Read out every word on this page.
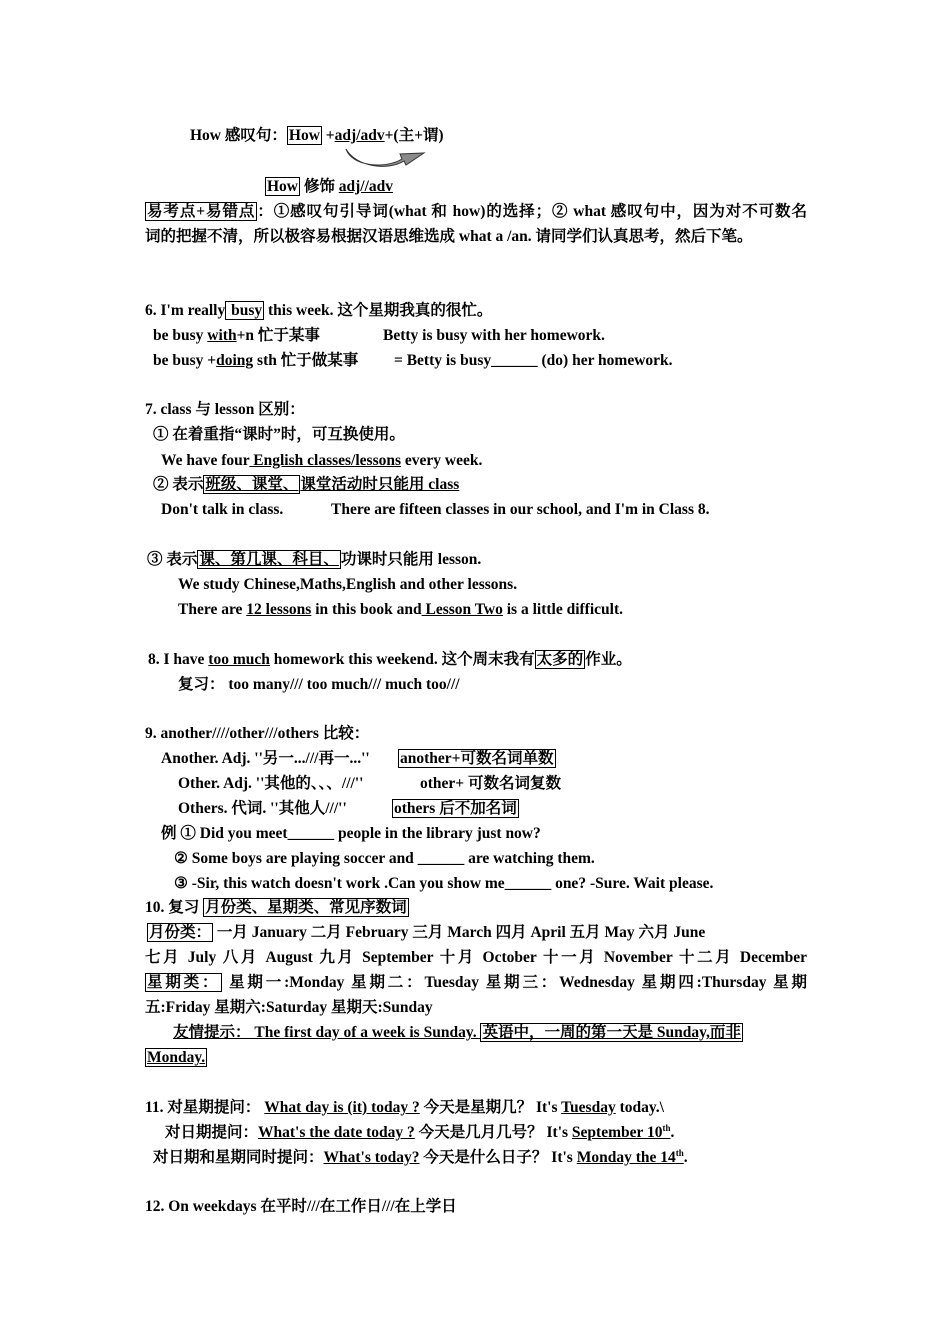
How 感叹句： How +adj/adv+(主+谓)
How 修饰 adj//adv
易考点+易错点 ：①感叹句引导词(what 和 how)的选择；② what 感叹句中，因为对不可数名
词的把握不清，所以极容易根据汉语思维选成 what a /an. 请同学们认真思考，然后下笔。
6. I'm really busy this week. 这个星期我真的很忙。
be busy with+n 忙于某事	Betty is busy with her homework.
be busy +doing sth 忙于做某事 = Betty is busy______ (do) her homework.
7. class 与 lesson 区别：
① 在着重指“课时”时，可互换使用。
We have four English classes/lessons every week.
② 表示 班级、课堂、 课堂活动时只能用 class
Don't talk in class.	There are fifteen classes in our school, and I'm in Class 8.
③ 表示 课、第几课、科目、 功课时只能用 lesson.
We study Chinese,Maths,English and other lessons.
There are 12 lessons in this book and Lesson Two is a little difficult.
8. I have too much homework this weekend. 这个周末我有 太多的 作业。
复习： too many/// too much/// much too///
9. another////other///others 比较：
Another. Adj. ''另一...///再一...'' another+可数名词单数
Other. Adj. ''其他的、、、///''	other+ 可数名词复数
Others. 代词. ''其他人///''	others 后不加名词
例 ① Did you meet______ people in the library just now?
② Some boys are playing soccer and ______ are watching them.
③ -Sir, this watch doesn't work .Can you show me______ one? -Sure. Wait please.
10. 复习 月份类、星期类、常见序数词
月份类： 一月 January 二月 February 三月 March 四月 April 五月 May 六月 June
七月 July 八月 August 九月 September 十月 October 十一月 November 十二月 December
星期类： 星期一:Monday 星期二：Tuesday 星期三：Wednesday 星期四:Thursday 星期
五:Friday 星期六:Saturday 星期天:Sunday
友情提示： The first day of a week is Sunday. 英语中，一周的第一天是 Sunday,而非
Monday.
11. 对星期提问： What day is (it) today ? 今天是星期几？ It's Tuesday today.\
对日期提问：What's the date today ? 今天是几月几号？ It's September 10th.
对日期和星期同时提问：What's today? 今天是什么日子？ It's Monday the 14th.
12. On weekdays 在平时///在工作日///在上学日
